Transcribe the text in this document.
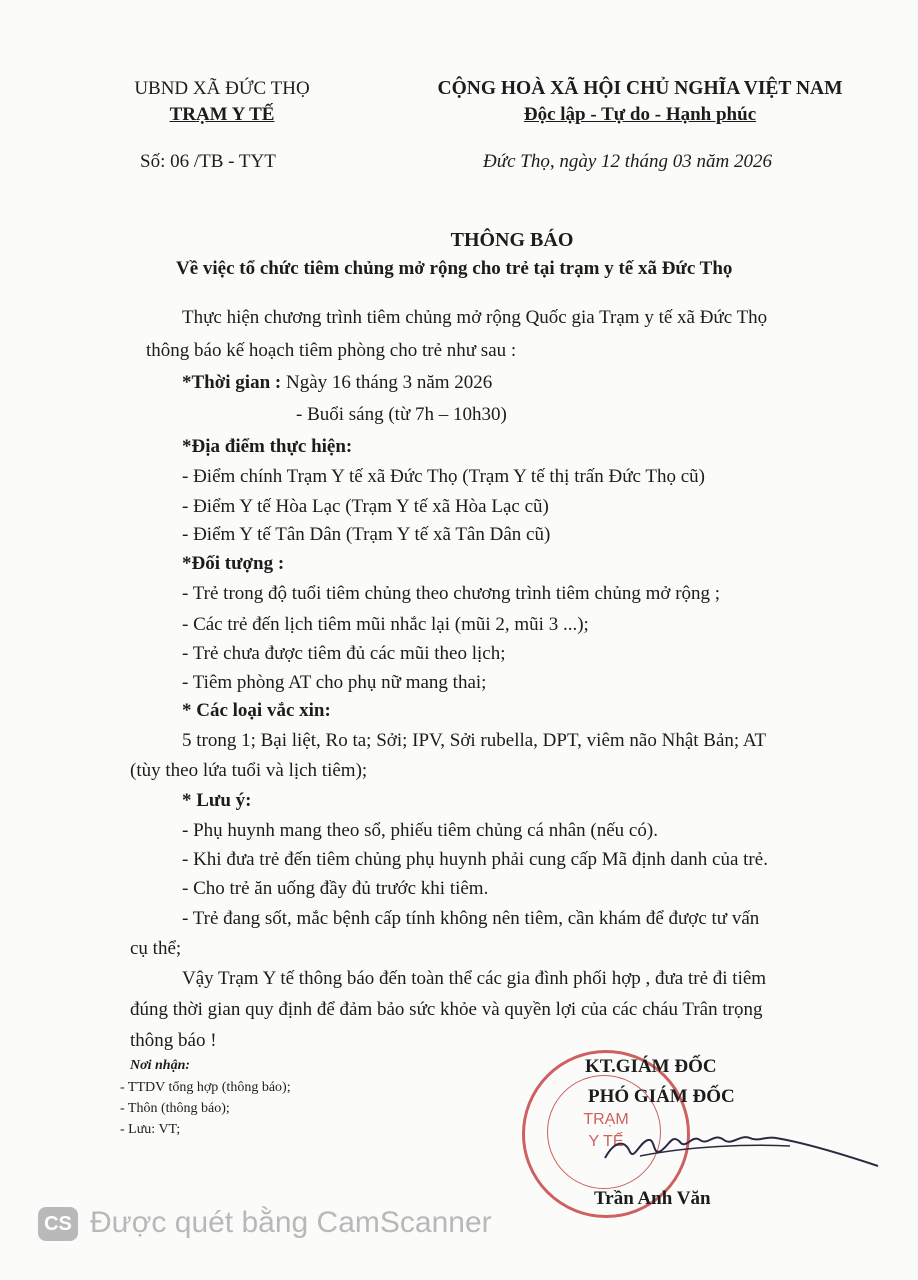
UBND XÃ ĐỨC THỌ
TRẠM Y TẾ
Số: 06 /TB - TYT
CỘNG HOÀ XÃ HỘI CHỦ NGHĨA VIỆT NAM
Độc lập - Tự do - Hạnh phúc
Đức Thọ, ngày 12 tháng 03 năm 2026
THÔNG BÁO
Về việc tổ chức tiêm chủng mở rộng cho trẻ tại trạm y tế xã Đức Thọ
Thực hiện chương trình tiêm chủng mở rộng Quốc gia Trạm y tế xã Đức Thọ
thông báo kế hoạch tiêm phòng cho trẻ như sau :
*Thời gian : Ngày 16 tháng 3 năm 2026
- Buổi sáng (từ 7h – 10h30)
*Địa điểm thực hiện:
- Điểm chính Trạm Y tế xã Đức Thọ (Trạm Y tế thị trấn Đức Thọ cũ)
- Điểm Y tế Hòa Lạc (Trạm Y tế xã Hòa Lạc cũ)
- Điểm Y tế Tân Dân (Trạm Y tế xã Tân Dân cũ)
*Đối tượng :
- Trẻ trong độ tuổi tiêm chủng theo chương trình tiêm chủng mở rộng ;
- Các trẻ đến lịch tiêm mũi nhắc lại (mũi 2, mũi 3 ...);
- Trẻ chưa được tiêm đủ các mũi theo lịch;
- Tiêm phòng AT cho phụ nữ mang thai;
* Các loại vắc xin:
5 trong 1; Bại liệt, Ro ta; Sởi; IPV, Sởi rubella, DPT, viêm não Nhật Bản; AT
(tùy theo lứa tuổi và lịch tiêm);
* Lưu ý:
- Phụ huynh mang theo sổ, phiếu tiêm chủng cá nhân (nếu có).
- Khi đưa trẻ đến tiêm chủng phụ huynh phải cung cấp Mã định danh của trẻ.
- Cho trẻ ăn uống đầy đủ trước khi tiêm.
- Trẻ đang sốt, mắc bệnh cấp tính không nên tiêm, cần khám để được tư vấn
cụ thể;
Vậy Trạm Y tế thông báo đến toàn thể các gia đình phối hợp , đưa trẻ đi tiêm
đúng thời gian quy định để đảm bảo sức khỏe và quyền lợi của các cháu Trân trọng
thông báo !
Nơi nhận:
- TTDV tổng hợp (thông báo);
- Thôn (thông báo);
- Lưu: VT;
TRẠM
Y TẾ
KT.GIÁM ĐỐC
PHÓ GIÁM ĐỐC
Trần Anh Văn
CS Được quét bằng CamScanner
